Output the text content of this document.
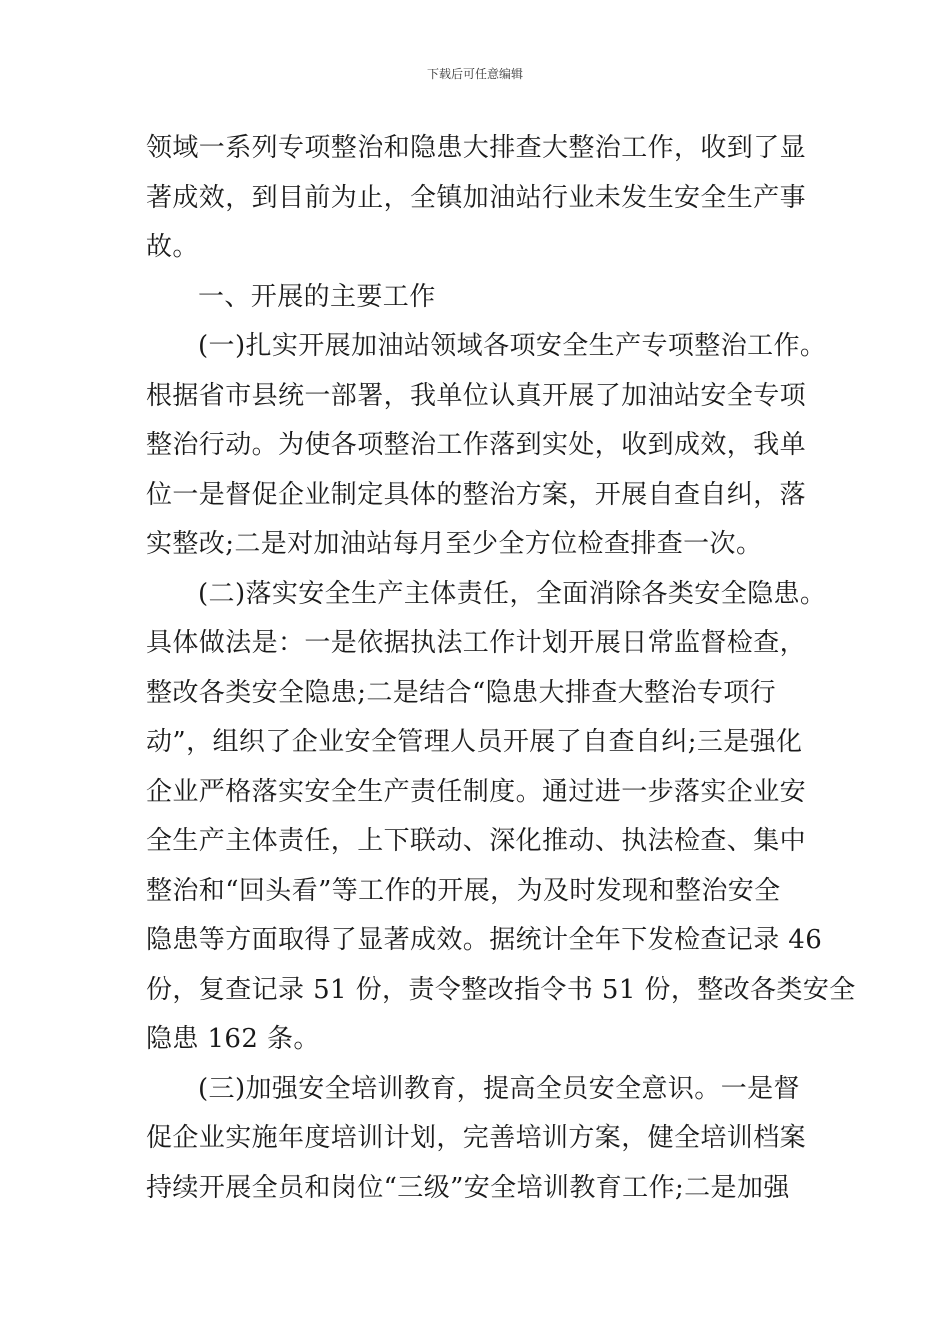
下载后可任意编辑
领域一系列专项整治和隐患大排查大整治工作，收到了显
著成效，到目前为止，全镇加油站行业未发生安全生产事
故。
一、开展的主要工作
(一)扎实开展加油站领域各项安全生产专项整治工作。
根据省市县统一部署，我单位认真开展了加油站安全专项
整治行动。为使各项整治工作落到实处，收到成效，我单
位一是督促企业制定具体的整治方案，开展自查自纠，落
实整改;二是对加油站每月至少全方位检查排查一次。
(二)落实安全生产主体责任，全面消除各类安全隐患。
具体做法是：一是依据执法工作计划开展日常监督检查，
整改各类安全隐患;二是结合“隐患大排查大整治专项行
动”，组织了企业安全管理人员开展了自查自纠;三是强化
企业严格落实安全生产责任制度。通过进一步落实企业安
全生产主体责任，上下联动、深化推动、执法检查、集中
整治和“回头看”等工作的开展，为及时发现和整治安全
隐患等方面取得了显著成效。据统计全年下发检查记录 46
份，复查记录 51 份，责令整改指令书 51 份，整改各类安全
隐患 162 条。
(三)加强安全培训教育，提高全员安全意识。一是督
促企业实施年度培训计划，完善培训方案，健全培训档案
持续开展全员和岗位“三级”安全培训教育工作;二是加强
